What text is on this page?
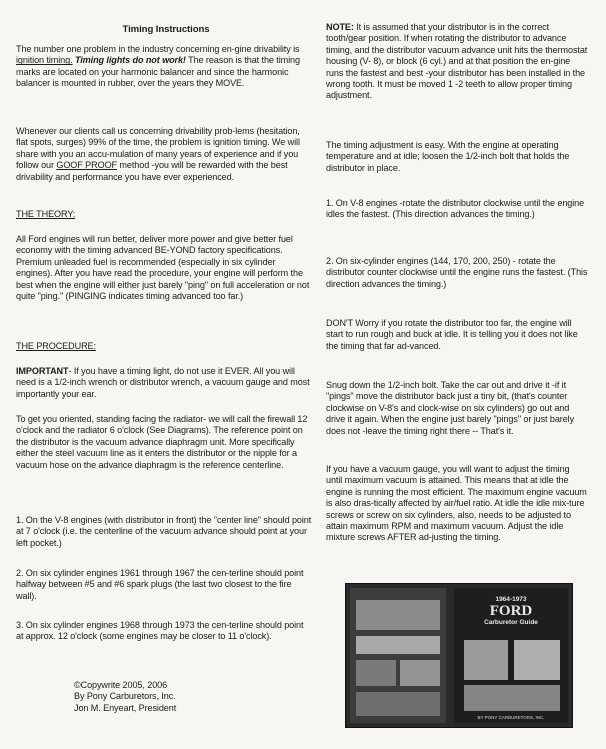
Timing Instructions

The number one problem in the industry concerning en-gine drivability is ignition timing. Timing lights do not work! The reason is that the timing marks are located on your harmonic balancer and since the harmonic balancer is mounted in rubber, over the years they MOVE.

Whenever our clients call us concerning drivability prob-lems (hesitation, flat spots, surges) 99% of the time, the problem is ignition timing. We will share with you an accu-mulation of many years of experience and if you follow our GOOF PROOF method -you will be rewarded with the best drivability and performance you have ever experienced.

THE THEORY:

All Ford engines will run better, deliver more power and give better fuel economy with the timing advanced BE-YOND factory specifications. Premium unleaded fuel is recommended (especially in six cylinder engines). After you have read the procedure, your engine will perform the best when the engine will either just barely "ping" on full acceleration or not quite "ping." (PINGING indicates timing advanced too far.)

THE PROCEDURE:

IMPORTANT- If you have a timing light, do not use it EVER. All you will need is a 1/2-inch wrench or distributor wrench, a vacuum gauge and most importantly your ear.

To get you oriented, standing facing the radiator- we will call the firewall 12 o'clock and the radiator 6 o'clock (See Diagrams). The reference point on the distributor is the vacuum advance diaphragm unit. More specifically either the steel vacuum line as it enters the distributor or the nipple for a vacuum hose on the advance diaphragm is the reference centerline.

1. On the V-8 engines (with distributor in front) the "center line" should point at 7 o'clock (i.e. the centerline of the vacuum advance should point at your left pocket.)

2. On six cylinder engines 1961 through 1967 the cen-terline should point halfway between #5 and #6 spark plugs (the last two closest to the fire wall).

3. On six cylinder engines 1968 through 1973 the cen-terline should point at approx. 12 o'clock (some engines may be closer to 11 o'clock).

©Copywrite 2005, 2006
By Pony Carburetors, Inc.
Jon M. Enyeart, President

NOTE: It is assumed that your distributor is in the correct tooth/gear position. If when rotating the distributor to advance timing, and the distributor vacuum advance unit hits the thermostat housing (V- 8), or block (6 cyl.) and at that position the en-gine runs the fastest and best -your distributor has been installed in the wrong tooth. It must be moved 1 -2 teeth to allow proper timing adjustment.

The timing adjustment is easy. With the engine at operating temperature and at idle; loosen the 1/2-inch bolt that holds the distributor in place.

1. On V-8 engines -rotate the distributor clockwise until the engine idles the fastest. (This direction advances the timing.)

2. On six-cylinder engines (144, 170, 200, 250) - rotate the distributor counter clockwise until the engine runs the fastest. (This direction advances the timing.)

DON'T Worry if you rotate the distributor too far, the engine will start to run rough and buck at idle. It is telling you it does not like the timing that far ad-vanced.

Snug down the 1/2-inch bolt. Take the car out and drive it -if it "pings" move the distributor back just a tiny bit, (that's counter clockwise on V-8's and clock-wise on six cylinders) go out and drive it again. When the engine just barely "pings" or just barely does not -leave the timing right there -- That's it.

If you have a vacuum gauge, you will want to adjust the timing until maximum vacuum is attained. This means that at idle the engine is running the most efficient. The maximum engine vacuum is also dras-tically affected by air/fuel ratio. At idle the idle mix-ture screws or screw on six cylinders, also, needs to be adjusted to attain maximum RPM and maximum vacuum. Adjust the idle mixture screws AFTER ad-justing the timing.

1964-1973
FORD
Carburetor Guide
BY PONY CARBURETORS, INC.
